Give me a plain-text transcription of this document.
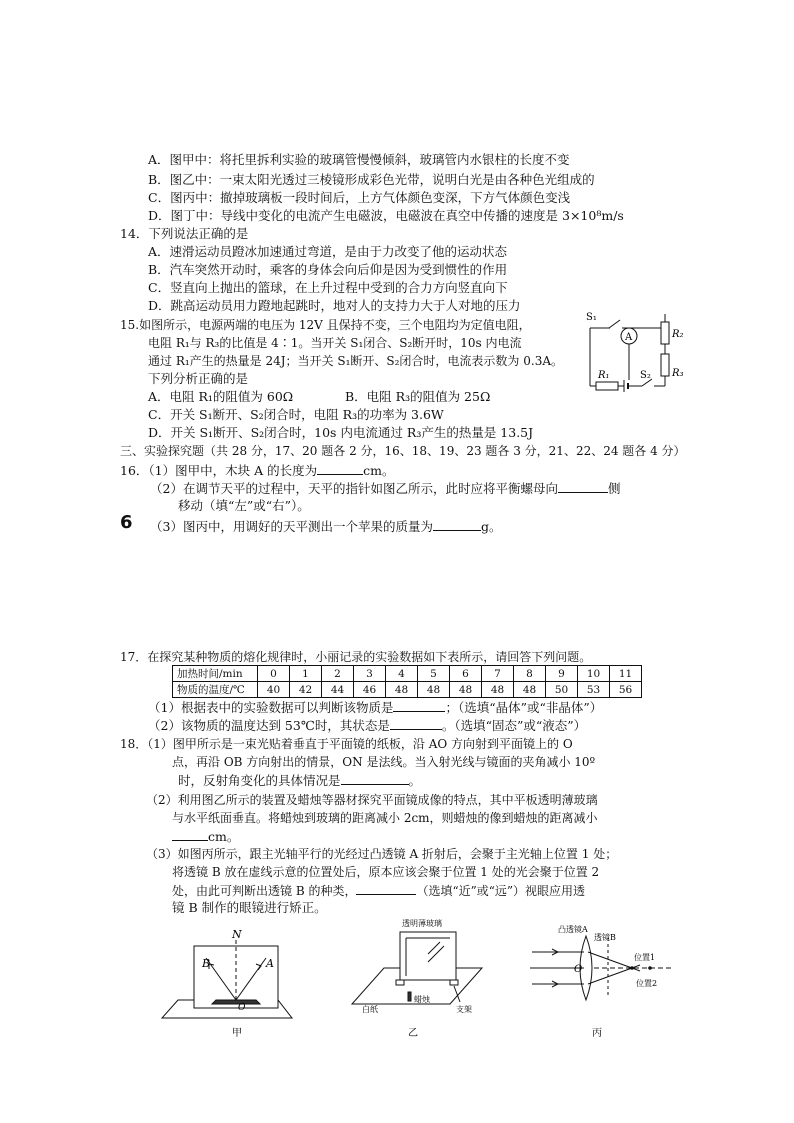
A．图甲中：将托里拆利实验的玻璃管慢慢倾斜，玻璃管内水银柱的长度不变
B．图乙中：一束太阳光透过三棱镜形成彩色光带，说明白光是由各种色光组成的
C．图丙中：撤掉玻璃板一段时间后，上方气体颜色变深，下方气体颜色变浅
D．图丁中：导线中变化的电流产生电磁波，电磁波在真空中传播的速度是 3×10⁸m/s
14．下列说法正确的是
A．速滑运动员蹬冰加速通过弯道，是由于力改变了他的运动状态
B．汽车突然开动时，乘客的身体会向后仰是因为受到惯性的作用
C．竖直向上抛出的篮球，在上升过程中受到的合力方向竖直向下
D．跳高运动员用力蹬地起跳时，地对人的支持力大于人对地的压力
15.如图所示，电源两端的电压为 12V 且保持不变，三个电阻均为定值电阻，
电阻 R₁与 R₃的比值是 4∶1。当开关 S₁闭合、S₂断开时，10s 内电流
通过 R₁产生的热量是 24J；当开关 S₁断开、S₂闭合时，电流表示数为 0.3A。
下列分析正确的是
A．电阻 R₁的阻值为 60Ω	B．电阻 R₃的阻值为 25Ω
C．开关 S₁断开、S₂闭合时，电阻 R₃的功率为 3.6W
D．开关 S₁断开、S₂闭合时，10s 内电流通过 R₃产生的热量是 13.5J
S₁
A	R₂
R₃
R₁	S₂
三、实验探究题（共 28 分，17、20 题各 2 分，16、18、19、23 题各 3 分，21、22、24 题各 4 分）
16．（1）图甲中，木块 A 的长度为	cm。
（2）在调节天平的过程中，天平的指针如图乙所示，此时应将平衡螺母向	侧
移动（填“左”或“右”）。
6 （3）图丙中，用调好的天平测出一个苹果的质量为	g。
17．在探究某种物质的熔化规律时，小丽记录的实验数据如下表所示，请回答下列问题。
加热时间/min	0	1	2	3	4	5	6	7	8	9	10	11
物质的温度/℃	40	42	44	46	48	48	48	48	48	50	53	56
（1）根据表中的实验数据可以判断该物质是	；（选填“晶体”或“非晶体”）
（2）该物质的温度达到 53℃时，其状态是	。（选填“固态”或“液态”）
18．（1）图甲所示是一束光贴着垂直于平面镜的纸板，沿 AO 方向射到平面镜上的 O
点，再沿 OB 方向射出的情景，ON 是法线。当入射光线与镜面的夹角减小 10º
时，反射角变化的具体情况是	。
（2）利用图乙所示的装置及蜡烛等器材探究平面镜成像的特点，其中平板透明薄玻璃
与水平纸面垂直。将蜡烛到玻璃的距离减小 2cm，则蜡烛的像到蜡烛的距离减小
cm。
（3）如图丙所示，跟主光轴平行的光经过凸透镜 A 折射后，会聚于主光轴上位置 1 处；
将透镜 B 放在虚线示意的位置处后，原本应该会聚于位置 1 处的光会聚于位置 2
处，由此可判断出透镜 B 的种类，	（选填“近”或“远”）视眼应用透
镜 B 制作的眼镜进行矫正。
N
A
B
O
甲
透明薄玻璃
白纸
蜡烛
支架
乙
凸透镜A
透镜B
O
位置1
位置2
丙
